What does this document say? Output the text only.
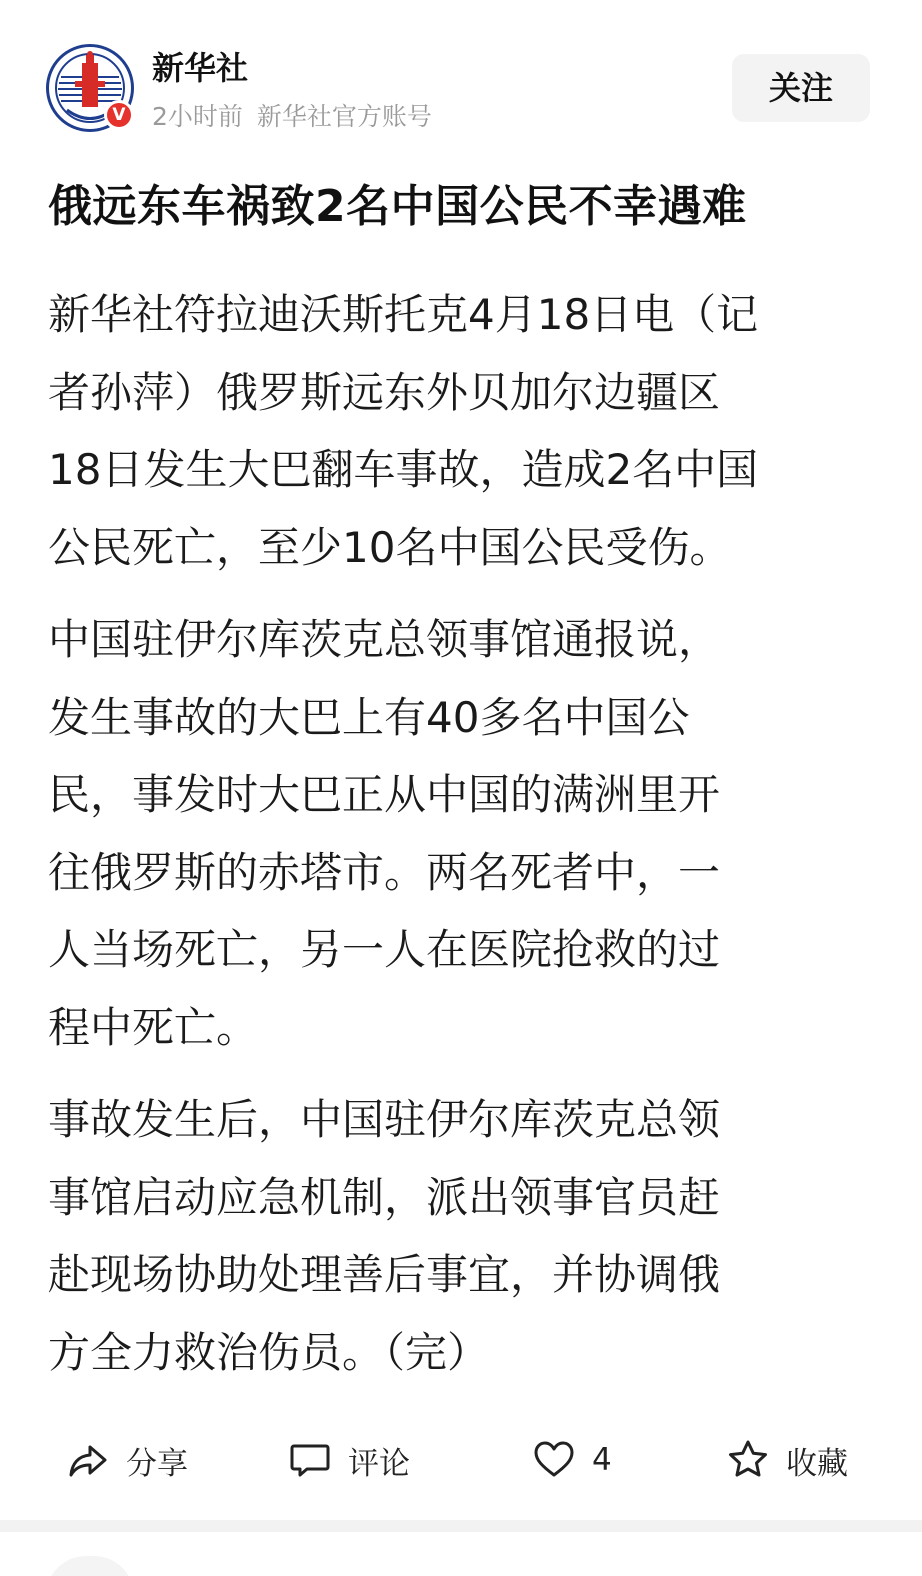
V
新华社
2小时前 新华社官方账号
关注
俄远东车祸致2名中国公民不幸遇难
新华社符拉迪沃斯托克4月18日电（记
者孙萍）俄罗斯远东外贝加尔边疆区
18日发生大巴翻车事故，造成2名中国
公民死亡，至少10名中国公民受伤。
中国驻伊尔库茨克总领事馆通报说，
发生事故的大巴上有40多名中国公
民，事发时大巴正从中国的满洲里开
往俄罗斯的赤塔市。两名死者中，一
人当场死亡，另一人在医院抢救的过
程中死亡。
事故发生后，中国驻伊尔库茨克总领
事馆启动应急机制，派出领事官员赶
赴现场协助处理善后事宜，并协调俄
方全力救治伤员。（完）
分享	评论	4	收藏
